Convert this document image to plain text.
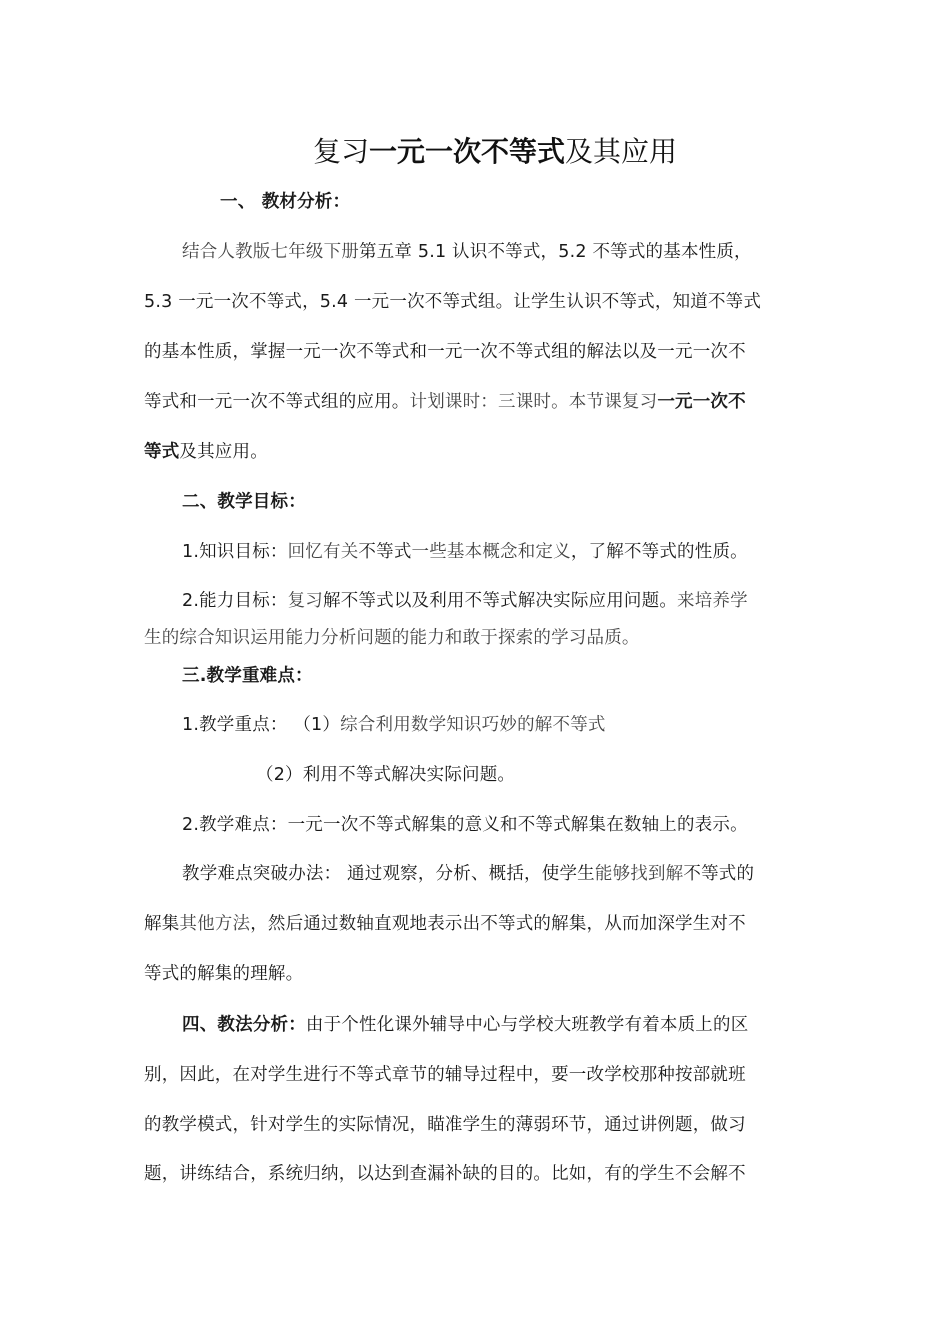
复习一元一次不等式及其应用
一、 教材分析：
结合人教版七年级下册第五章 5.1 认识不等式，5.2 不等式的基本性质，
5.3 一元一次不等式，5.4 一元一次不等式组。让学生认识不等式，知道不等式
的基本性质，掌握一元一次不等式和一元一次不等式组的解法以及一元一次不
等式和一元一次不等式组的应用。计划课时：三课时。本节课复习一元一次不
等式及其应用。
二、教学目标：
1.知识目标：回忆有关不等式一些基本概念和定义，了解不等式的性质。
2.能力目标：复习解不等式以及利用不等式解决实际应用问题。来培养学
生的综合知识运用能力分析问题的能力和敢于探索的学习品质。
三.教学重难点：
1.教学重点： （1）综合利用数学知识巧妙的解不等式
（2）利用不等式解决实际问题。
2.教学难点：一元一次不等式解集的意义和不等式解集在数轴上的表示。
教学难点突破办法： 通过观察，分析、概括，使学生能够找到解不等式的
解集其他方法，然后通过数轴直观地表示出不等式的解集，从而加深学生对不
等式的解集的理解。
四、教法分析：由于个性化课外辅导中心与学校大班教学有着本质上的区
别，因此，在对学生进行不等式章节的辅导过程中，要一改学校那种按部就班
的教学模式，针对学生的实际情况，瞄准学生的薄弱环节，通过讲例题，做习
题，讲练结合，系统归纳，以达到查漏补缺的目的。比如，有的学生不会解不
